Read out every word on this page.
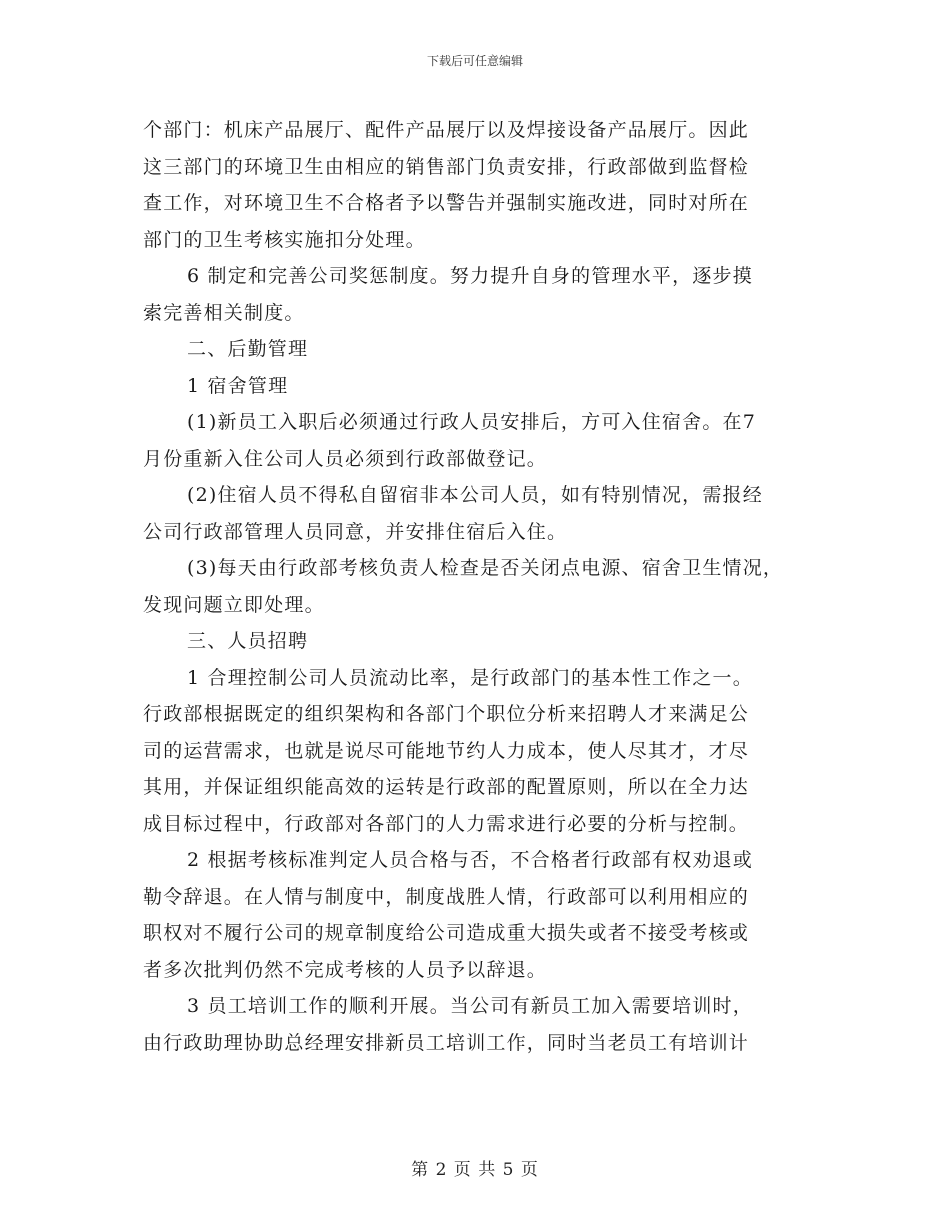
下载后可任意编辑
个部门：机床产品展厅、配件产品展厅以及焊接设备产品展厅。因此
这三部门的环境卫生由相应的销售部门负责安排，行政部做到监督检
查工作，对环境卫生不合格者予以警告并强制实施改进，同时对所在
部门的卫生考核实施扣分处理。
6 制定和完善公司奖惩制度。努力提升自身的管理水平，逐步摸
索完善相关制度。
二、后勤管理
1 宿舍管理
(1)新员工入职后必须通过行政人员安排后，方可入住宿舍。在7
月份重新入住公司人员必须到行政部做登记。
(2)住宿人员不得私自留宿非本公司人员，如有特别情况，需报经
公司行政部管理人员同意，并安排住宿后入住。
(3)每天由行政部考核负责人检查是否关闭点电源、宿舍卫生情况，
发现问题立即处理。
三、人员招聘
1 合理控制公司人员流动比率，是行政部门的基本性工作之一。
行政部根据既定的组织架构和各部门个职位分析来招聘人才来满足公
司的运营需求，也就是说尽可能地节约人力成本，使人尽其才，才尽
其用，并保证组织能高效的运转是行政部的配置原则，所以在全力达
成目标过程中，行政部对各部门的人力需求进行必要的分析与控制。
2 根据考核标准判定人员合格与否，不合格者行政部有权劝退或
勒令辞退。在人情与制度中，制度战胜人情，行政部可以利用相应的
职权对不履行公司的规章制度给公司造成重大损失或者不接受考核或
者多次批判仍然不完成考核的人员予以辞退。
3 员工培训工作的顺利开展。当公司有新员工加入需要培训时，
由行政助理协助总经理安排新员工培训工作，同时当老员工有培训计
第 2 页 共 5 页
